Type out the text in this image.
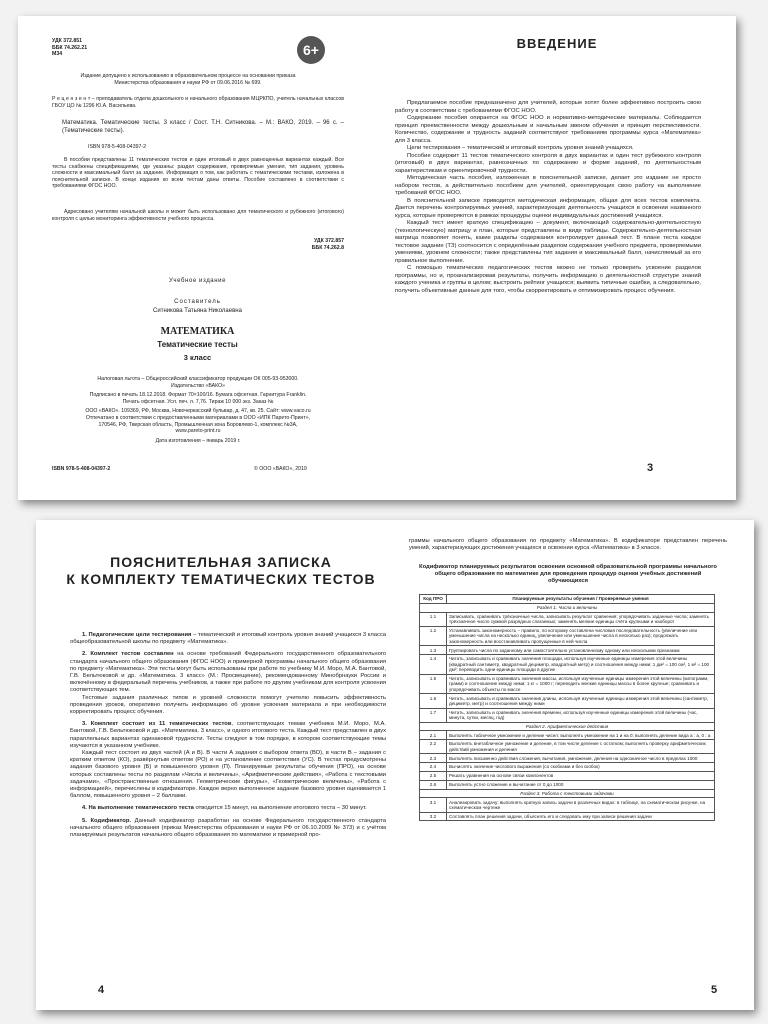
УДК 372.851

ББК 74.262.21

М34	6+

Издание допущено к использованию в образовательном процессе на основании приказа Министерства образования и науки РФ от 09.06.2016 № 699.

Р е ц е н з е н т – преподаватель отдела дошкольного и начального образования МЦРКПО, учитель начальных классов ГБОУ ЦО № 1296 Ю.А. Васильева.

Математика. Тематические тесты. 3 класс / Сост. Т.Н. Ситникова. – М.: ВАКО, 2019. – 96 с. – (Тематические тесты).

ISBN 978-5-408-04397-2

В пособии представлены 11 тематических тестов и один итоговый в двух равноценных вариантах каждый. Все тесты снабжены спецификациями, где указаны: раздел содержания, проверяемые умения, тип задания, уровень сложности и максимальный балл за задание. Информация о том, как работать с тематическими тестами, изложена в пояснительной записке. В конце издания ко всем тестам даны ответы. Пособие составлено в соответствии с требованиями ФГОС НОО.

Адресовано учителям начальной школы и может быть использовано для тематического и рубежного (итогового) контроля с целью мониторинга эффективности учебного процесса.

УДК 372.857

ББК 74.262.8

Учебное издание

Составитель

Ситникова Татьяна Николаевна

МАТЕМАТИКА

Тематические тесты

3 класс

Налоговая льгота – Общероссийский классификатор продукции ОК 005-93-953000.

Издательство «ВАКО»

Подписано в печать 18.12.2018. Формат 70×100/16. Бумага офсетная. Гарнитура Franklin.

Печать офсетная. Усл. печ. л. 7,76. Тираж 10 000 экз. Заказ №

ООО «ВАКО». 109369, РФ, Москва, Новочеркасский бульвар, д. 47, кв. 25. Сайт: www.vaco.ru

Отпечатано в соответствии с предоставленными материалами в ООО «ИПК Парето-Принт»,

170546, РФ, Тверская область, Промышленная зона Боровлево-1, комплекс №3А,

www.pareto-print.ru

Дата изготовления – январь 2019 г.

ISBN 978-5-408-04397-2	© ООО «ВАКО», 2019

ВВЕДЕНИЕ

Предлагаемое пособие предназначено для учителей, которые хотят более эффективно построить свою работу в соответствии с требованиями ФГОС НОО.

Содержание пособия опирается на ФГОС НОО и нормативно-методические материалы. Соблюдается принцип преемственности между дошкольным и начальным звеном обучения и принцип перспективности. Количество, содержание и трудность заданий соответствуют требованиям программы курса «Математика» для 3 класса.

Цели тестирования – тематический и итоговый контроль уровня знаний учащихся.

Пособие содержит 11 тестов тематического контроля в двух вариантах и один тест рубежного контроля (итоговый) в двух вариантах, равнозначных по содержанию и форме заданий, по деятельностным характеристикам и ориентировочной трудности.

Методическая часть пособия, изложенная в пояснительной записке, делает это издание не просто набором тестов, а действительно пособием для учителей, ориентирующих свою работу на выполнение требований ФГОС НОО.

В пояснительной записке приводится методическая информация, общая для всех тестов комплекта. Дается перечень контролируемых умений, характеризующих деятельность учащихся в освоении названного курса, которые проверяются в рамках процедуры оценки индивидуальных достижений учащихся.

Каждый тест имеет краткую спецификацию – документ, включающий содержательно-деятельностную (технологическую) матрицу и план, которые представлены в виде таблицы. Содержательно-деятельностная матрица позволяет понять, какие разделы содержания контролирует данный тест. В плане теста каждое тестовое задание (ТЗ) соотносится с определённым разделом содержания учебного предмета, проверяемыми умениями, уровнем сложности; также представлены тип задания и максимальный балл, начисляемый за его правильное выполнение.

С помощью тематических педагогических тестов можно не только проверить усвоение разделов программы, но и, проанализировав результаты, получить информацию о деятельностной структуре знаний каждого ученика и группы в целом; выстроить рейтинг учащихся; выявить типичные ошибки, а следовательно, получить объективные данные для того, чтобы скорректировать и оптимизировать процесс обучения.

3

ПОЯСНИТЕЛЬНАЯ ЗАПИСКА

К КОМПЛЕКТУ ТЕМАТИЧЕСКИХ ТЕСТОВ

1. Педагогические цели тестирования – тематический и итоговый контроль уровня знаний учащихся 3 класса общеобразовательной школы по предмету «Математика».

2. Комплект тестов составлен на основе требований Федерального государственного образовательного стандарта начального общего образования (ФГОС НОО) и примерной программы начального общего образования по предмету «Математика». Эти тесты могут быть использованы при работе по учебнику М.И. Моро, М.А. Бантовой, Г.В. Бельтюковой и др. «Математика. 3 класс» (М.: Просвещение), рекомендованному Минобрнауки России и включённому в федеральный перечень учебников, а также при работе по другим учебникам для контроля усвоения соответствующих тем.

Тестовые задания различных типов и уровней сложности помогут учителю повысить эффективность проведения уроков, оперативно получить информацию об уровне усвоения материала и при необходимости корректировать процесс обучения.

3. Комплект состоит из 11 тематических тестов, соответствующих темам учебника М.И. Моро, М.А. Бантовой, Г.В. Бельтюковой и др. «Математика. 3 класс», и одного итогового теста. Каждый тест представлен в двух параллельных вариантах одинаковой трудности. Тесты следуют в том порядке, в котором соответствующие темы изучаются в указанном учебнике.

Каждый тест состоит из двух частей (А и В). В части А задания с выбором ответа (ВО), в части В – задания с кратким ответом (КО), развёрнутым ответом (РО) и на установление соответствия (УС). В тестах предусмотрены задания базового уровня (Б) и повышенного уровня (П). Планируемые результаты обучения (ПРО), на основе которых составлены тесты по разделам «Числа и величины», «Арифметические действия», «Работа с текстовыми задачами», «Пространственные отношения. Геометрические фигуры», «Геометрические величины», «Работа с информацией», перечислены в кодификаторе. Каждое верно выполненное задание базового уровня оценивается 1 баллом, повышенного уровня – 2 баллами.

4. На выполнение тематического теста отводится 15 минут, на выполнение итогового теста – 30 минут.

5. Кодификатор. Данный кодификатор разработан на основе Федерального государственного стандарта начального общего образования (приказ Министерства образования и науки РФ от 06.10.2009 № 373) и с учётом планируемых результатов начального общего образования по математике и примерной про-

4

граммы начального общего образования по предмету «Математика». В кодификаторе представлен перечень умений, характеризующих достижения учащихся в освоении курса «Математика» в 3 классе.

Кодификатор планируемых результатов освоения основной образовательной программы начального общего образования по математике для проведения процедур оценки учебных достижений обучающихся

Код ПРО	Планируемые результаты обучения / Проверяемые умения
Раздел 1. Числа и величины	
1.1	Записывать, сравнивать трёхзначные числа, записывать результат сравнения; упорядочивать заданные числа; заменять трёхзначное число суммой разрядных слагаемых; заменять мелкие единицы счёта крупными и наоборот
1.2	Устанавливать закономерность – правило, по которому составлена числовая последовательность (увеличение или уменьшение числа на несколько единиц, увеличение или уменьшение числа в несколько раз); продолжать закономерность или восстанавливать пропущенные в ней числа
1.3	Группировать числа по заданному или самостоятельно установленному одному или нескольким признакам
1.4	Читать, записывать и сравнивать значения площади, используя изученные единицы измерения этой величины (квадратный сантиметр, квадратный дециметр, квадратный метр) и соотношения между ними: 1 дм² = 100 см², 1 м² = 100 дм²; переводить одни единицы площади в другие
1.5	Читать, записывать и сравнивать значения массы, используя изученные единицы измерения этой величины (килограмм, грамм) и соотношение между ними: 1 кг = 1000 г; переводить мелкие единицы массы в более крупные; сравнивать и упорядочивать объекты по массе
1.6	Читать, записывать и сравнивать значения длины, используя изученные единицы измерения этой величины (сантиметр, дециметр, метр) и соотношения между ними
1.7	Читать, записывать и сравнивать значения времени, используя изученные единицы измерения этой величины (час, минута, сутки, месяц, год)
Раздел 2. Арифметические действия	
2.1	Выполнять табличное умножение и деление чисел; выполнять умножение на 1 и на 0; выполнять деление вида a : a, 0 : a
2.2	Выполнять внетабличное умножение и деление, в том числе деление с остатком; выполнять проверку арифметических действий умножения и деления
2.3	Выполнять письменно действия сложения, вычитания, умножения, деления на однозначное число в пределах 1000
2.4	Вычислять значение числового выражения (со скобками и без скобок)
2.5	Решать уравнения на основе связи компонентов
2.6	Выполнять устно сложение и вычитание от 0 до 1000
Раздел 3. Работа с текстовыми задачами	
3.1	Анализировать задачу; выполнять краткую запись задачи в различных видах: в таблице, на схематическом рисунке, на схематическом чертеже
3.2	Составлять план решения задачи, объяснять его и следовать ему при записи решения задачи
5
